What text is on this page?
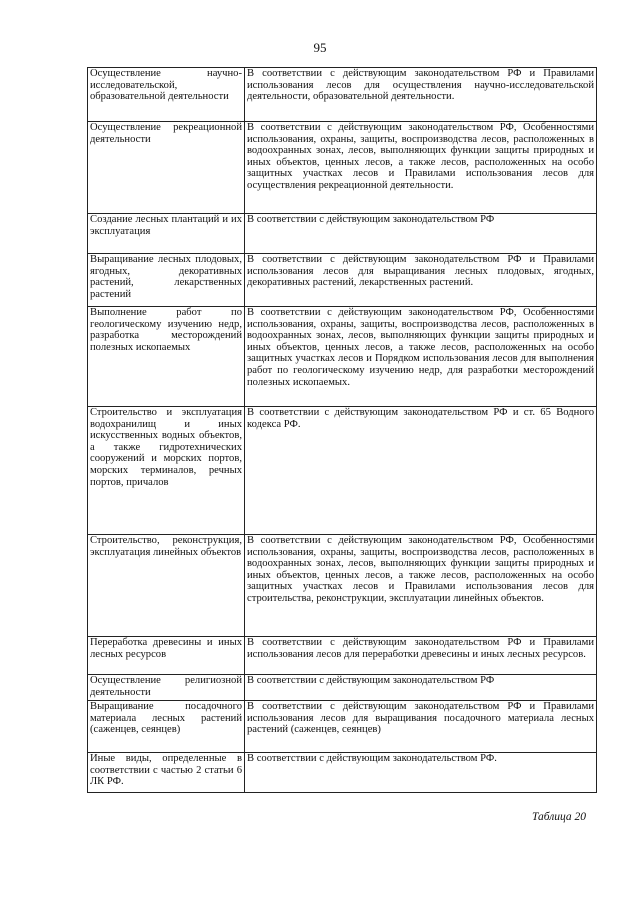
95
Осуществление научно-исследовательской, образовательной деятельности	В соответствии с действующим законодательством РФ и Правилами использования лесов для осуществления научно-исследовательской деятельности, образовательной деятельности.
Осуществление рекреационной деятельности	В соответствии с действующим законодательством РФ, Особенностями использования, охраны, защиты, воспроизводства лесов, расположенных в водоохранных зонах, лесов, выполняющих функции защиты природных и иных объектов, ценных лесов, а также лесов, расположенных на особо защитных участках лесов и Правилами использования лесов для осуществления рекреационной деятельности.
Создание лесных плантаций и их эксплуатация	В соответствии с действующим законодательством РФ
Выращивание лесных плодовых, ягодных, декоративных растений, лекарственных растений	В соответствии с действующим законодательством РФ и Правилами использования лесов для выращивания лесных плодовых, ягодных, декоративных растений, лекарственных растений.
Выполнение работ по геологическому изучению недр, разработка месторождений полезных ископаемых	В соответствии с действующим законодательством РФ, Особенностями использования, охраны, защиты, воспроизводства лесов, расположенных в водоохранных зонах, лесов, выполняющих функции защиты природных и иных объектов, ценных лесов, а также лесов, расположенных на особо защитных участках лесов и Порядком использования лесов для выполнения работ по геологическому изучению недр, для разработки месторождений полезных ископаемых.
Строительство и эксплуатация водохранилищ и иных искусственных водных объектов, а также гидротехнических сооружений и морских портов, морских терминалов, речных портов, причалов	В соответствии с действующим законодательством РФ и ст. 65 Водного кодекса РФ.
Строительство, реконструкция, эксплуатация линейных объектов	В соответствии с действующим законодательством РФ, Особенностями использования, охраны, защиты, воспроизводства лесов, расположенных в водоохранных зонах, лесов, выполняющих функции защиты природных и иных объектов, ценных лесов, а также лесов, расположенных на особо защитных участках лесов и Правилами использования лесов для строительства, реконструкции, эксплуатации линейных объектов.
Переработка древесины и иных лесных ресурсов	В соответствии с действующим законодательством РФ и Правилами использования лесов для переработки древесины и иных лесных ресурсов.
Осуществление религиозной деятельности	В соответствии с действующим законодательством РФ
Выращивание посадочного материала лесных растений (саженцев, сеянцев)	В соответствии с действующим законодательством РФ и Правилами использования лесов для выращивания посадочного материала лесных растений (саженцев, сеянцев)
Иные виды, определенные в соответствии с частью 2 статьи 6 ЛК РФ.	В соответствии с действующим законодательством РФ.
Таблица 20
